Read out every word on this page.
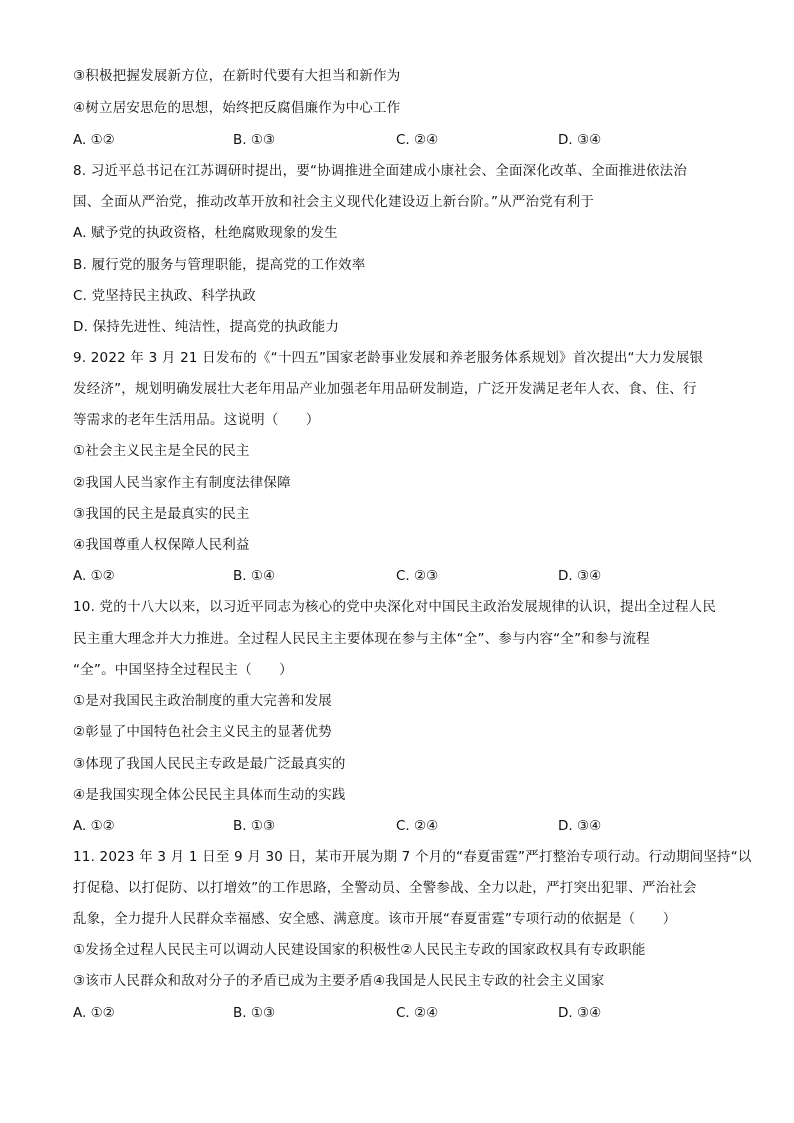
③积极把握发展新方位，在新时代要有大担当和新作为
④树立居安思危的思想，始终把反腐倡廉作为中心工作
A. ①②	B. ①③	C. ②④	D. ③④
8. 习近平总书记在江苏调研时提出，要“协调推进全面建成小康社会、全面深化改革、全面推进依法治
国、全面从严治党，推动改革开放和社会主义现代化建设迈上新台阶。”从严治党有利于
A. 赋予党的执政资格，杜绝腐败现象的发生
B. 履行党的服务与管理职能，提高党的工作效率
C. 党坚持民主执政、科学执政
D. 保持先进性、纯洁性，提高党的执政能力
9. 2022 年 3 月 21 日发布的《“十四五”国家老龄事业发展和养老服务体系规划》首次提出“大力发展银
发经济”，规划明确发展壮大老年用品产业加强老年用品研发制造，广泛开发满足老年人衣、食、住、行
等需求的老年生活用品。这说明（　　）
①社会主义民主是全民的民主
②我国人民当家作主有制度法律保障
③我国的民主是最真实的民主
④我国尊重人权保障人民利益
A. ①②	B. ①④	C. ②③	D. ③④
10. 党的十八大以来，以习近平同志为核心的党中央深化对中国民主政治发展规律的认识，提出全过程人民
民主重大理念并大力推进。全过程人民民主主要体现在参与主体“全”、参与内容“全”和参与流程
“全”。中国坚持全过程民主（　　）
①是对我国民主政治制度的重大完善和发展
②彰显了中国特色社会主义民主的显著优势
③体现了我国人民民主专政是最广泛最真实的
④是我国实现全体公民民主具体而生动的实践
A. ①②	B. ①③	C. ②④	D. ③④
11. 2023 年 3 月 1 日至 9 月 30 日，某市开展为期 7 个月的“春夏雷霆”严打整治专项行动。行动期间坚持“以
打促稳、以打促防、以打增效”的工作思路，全警动员、全警参战、全力以赴，严打突出犯罪、严治社会
乱象，全力提升人民群众幸福感、安全感、满意度。该市开展“春夏雷霆”专项行动的依据是（　　）
①发扬全过程人民民主可以调动人民建设国家的积极性②人民民主专政的国家政权具有专政职能
③该市人民群众和敌对分子的矛盾已成为主要矛盾④我国是人民民主专政的社会主义国家
A. ①②	B. ①③	C. ②④	D. ③④
